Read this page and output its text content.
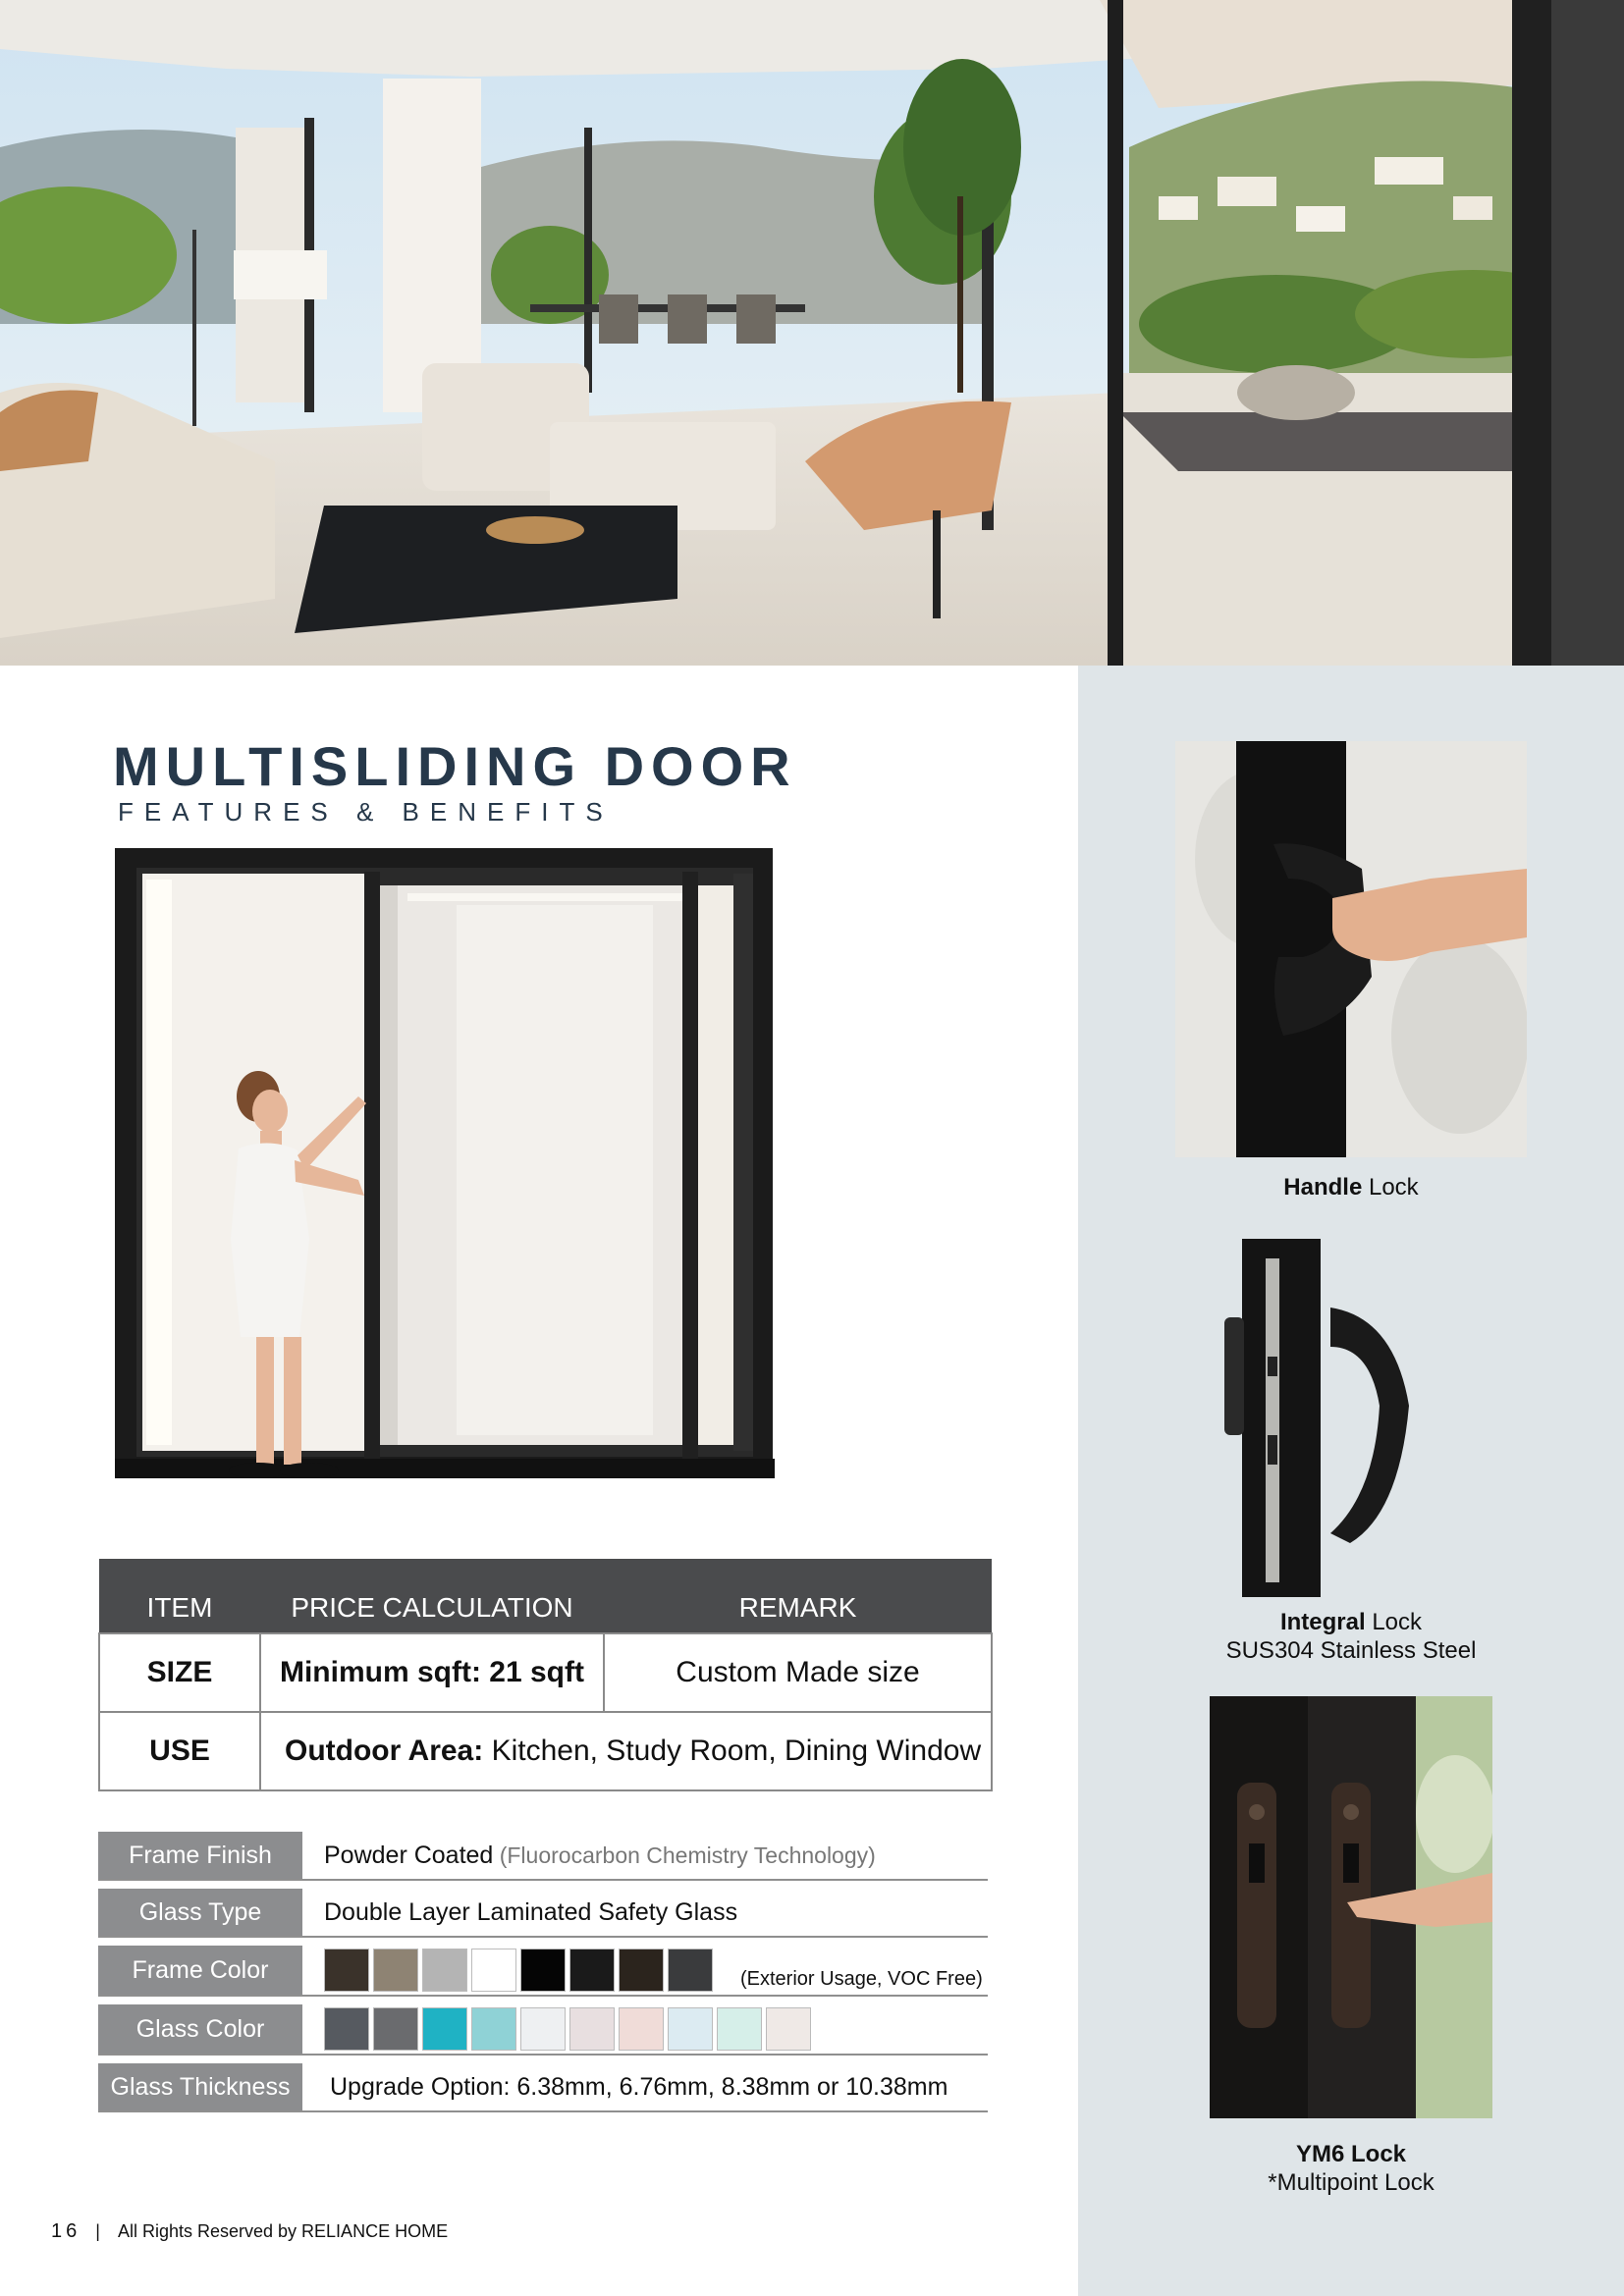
MULTISLIDING DOOR
FEATURES & BENEFITS
ITEM	PRICE CALCULATION	REMARK
SIZE	Minimum sqft: 21 sqft	Custom Made size
USE	Outdoor Area: Kitchen, Study Room, Dining Window	
Frame Finish	Powder Coated (Fluorocarbon Chemistry Technology)
Glass Type	Double Layer Laminated Safety Glass
Frame Color	(Exterior Usage, VOC Free)
Glass Color
Glass Thickness	Upgrade Option: 6.38mm, 6.76mm, 8.38mm or 10.38mm
Handle Lock
Integral Lock
SUS304 Stainless Steel
YM6 Lock
*Multipoint Lock
16 | All Rights Reserved by RELIANCE HOME
